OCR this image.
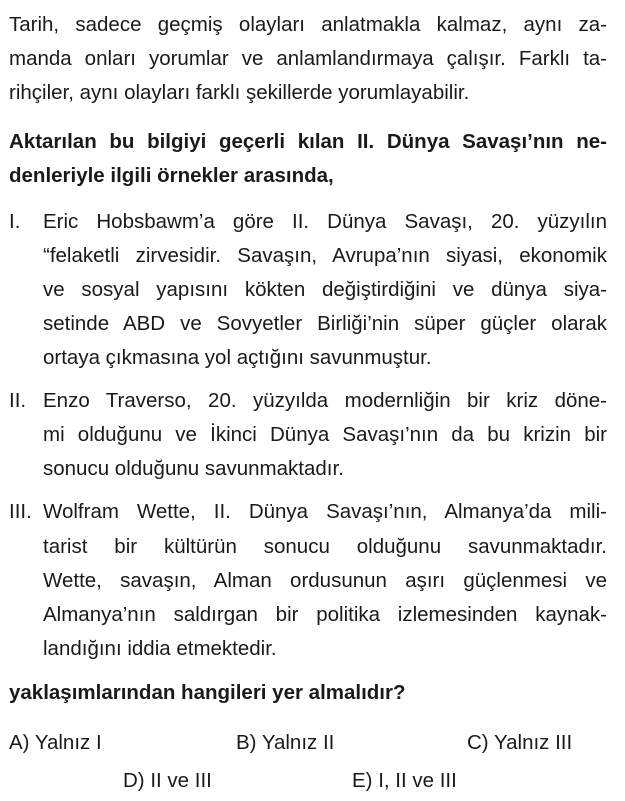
Tarih, sadece geçmiş olayları anlatmakla kalmaz, aynı za-
manda onları yorumlar ve anlamlandırmaya çalışır. Farklı ta-
rihçiler, aynı olayları farklı şekillerde yorumlayabilir.
Aktarılan bu bilgiyi geçerli kılan II. Dünya Savaşı’nın ne-
denleriyle ilgili örnekler arasında,
I. Eric Hobsbawm’a göre II. Dünya Savaşı, 20. yüzyılın
“felaketli zirvesidir. Savaşın, Avrupa’nın siyasi, ekonomik
ve sosyal yapısını kökten değiştirdiğini ve dünya siya-
setinde ABD ve Sovyetler Birliği’nin süper güçler olarak
ortaya çıkmasına yol açtığını savunmuştur.
II. Enzo Traverso, 20. yüzyılda modernliğin bir kriz döne-
mi olduğunu ve İkinci Dünya Savaşı’nın da bu krizin bir
sonucu olduğunu savunmaktadır.
III. Wolfram Wette, II. Dünya Savaşı’nın, Almanya’da mili-
tarist bir kültürün sonucu olduğunu savunmaktadır.
Wette, savaşın, Alman ordusunun aşırı güçlenmesi ve
Almanya’nın saldırgan bir politika izlemesinden kaynak-
landığını iddia etmektedir.
yaklaşımlarından hangileri yer almalıdır?
A) Yalnız I	B) Yalnız II	C) Yalnız III
D) II ve III	E) I, II ve III
